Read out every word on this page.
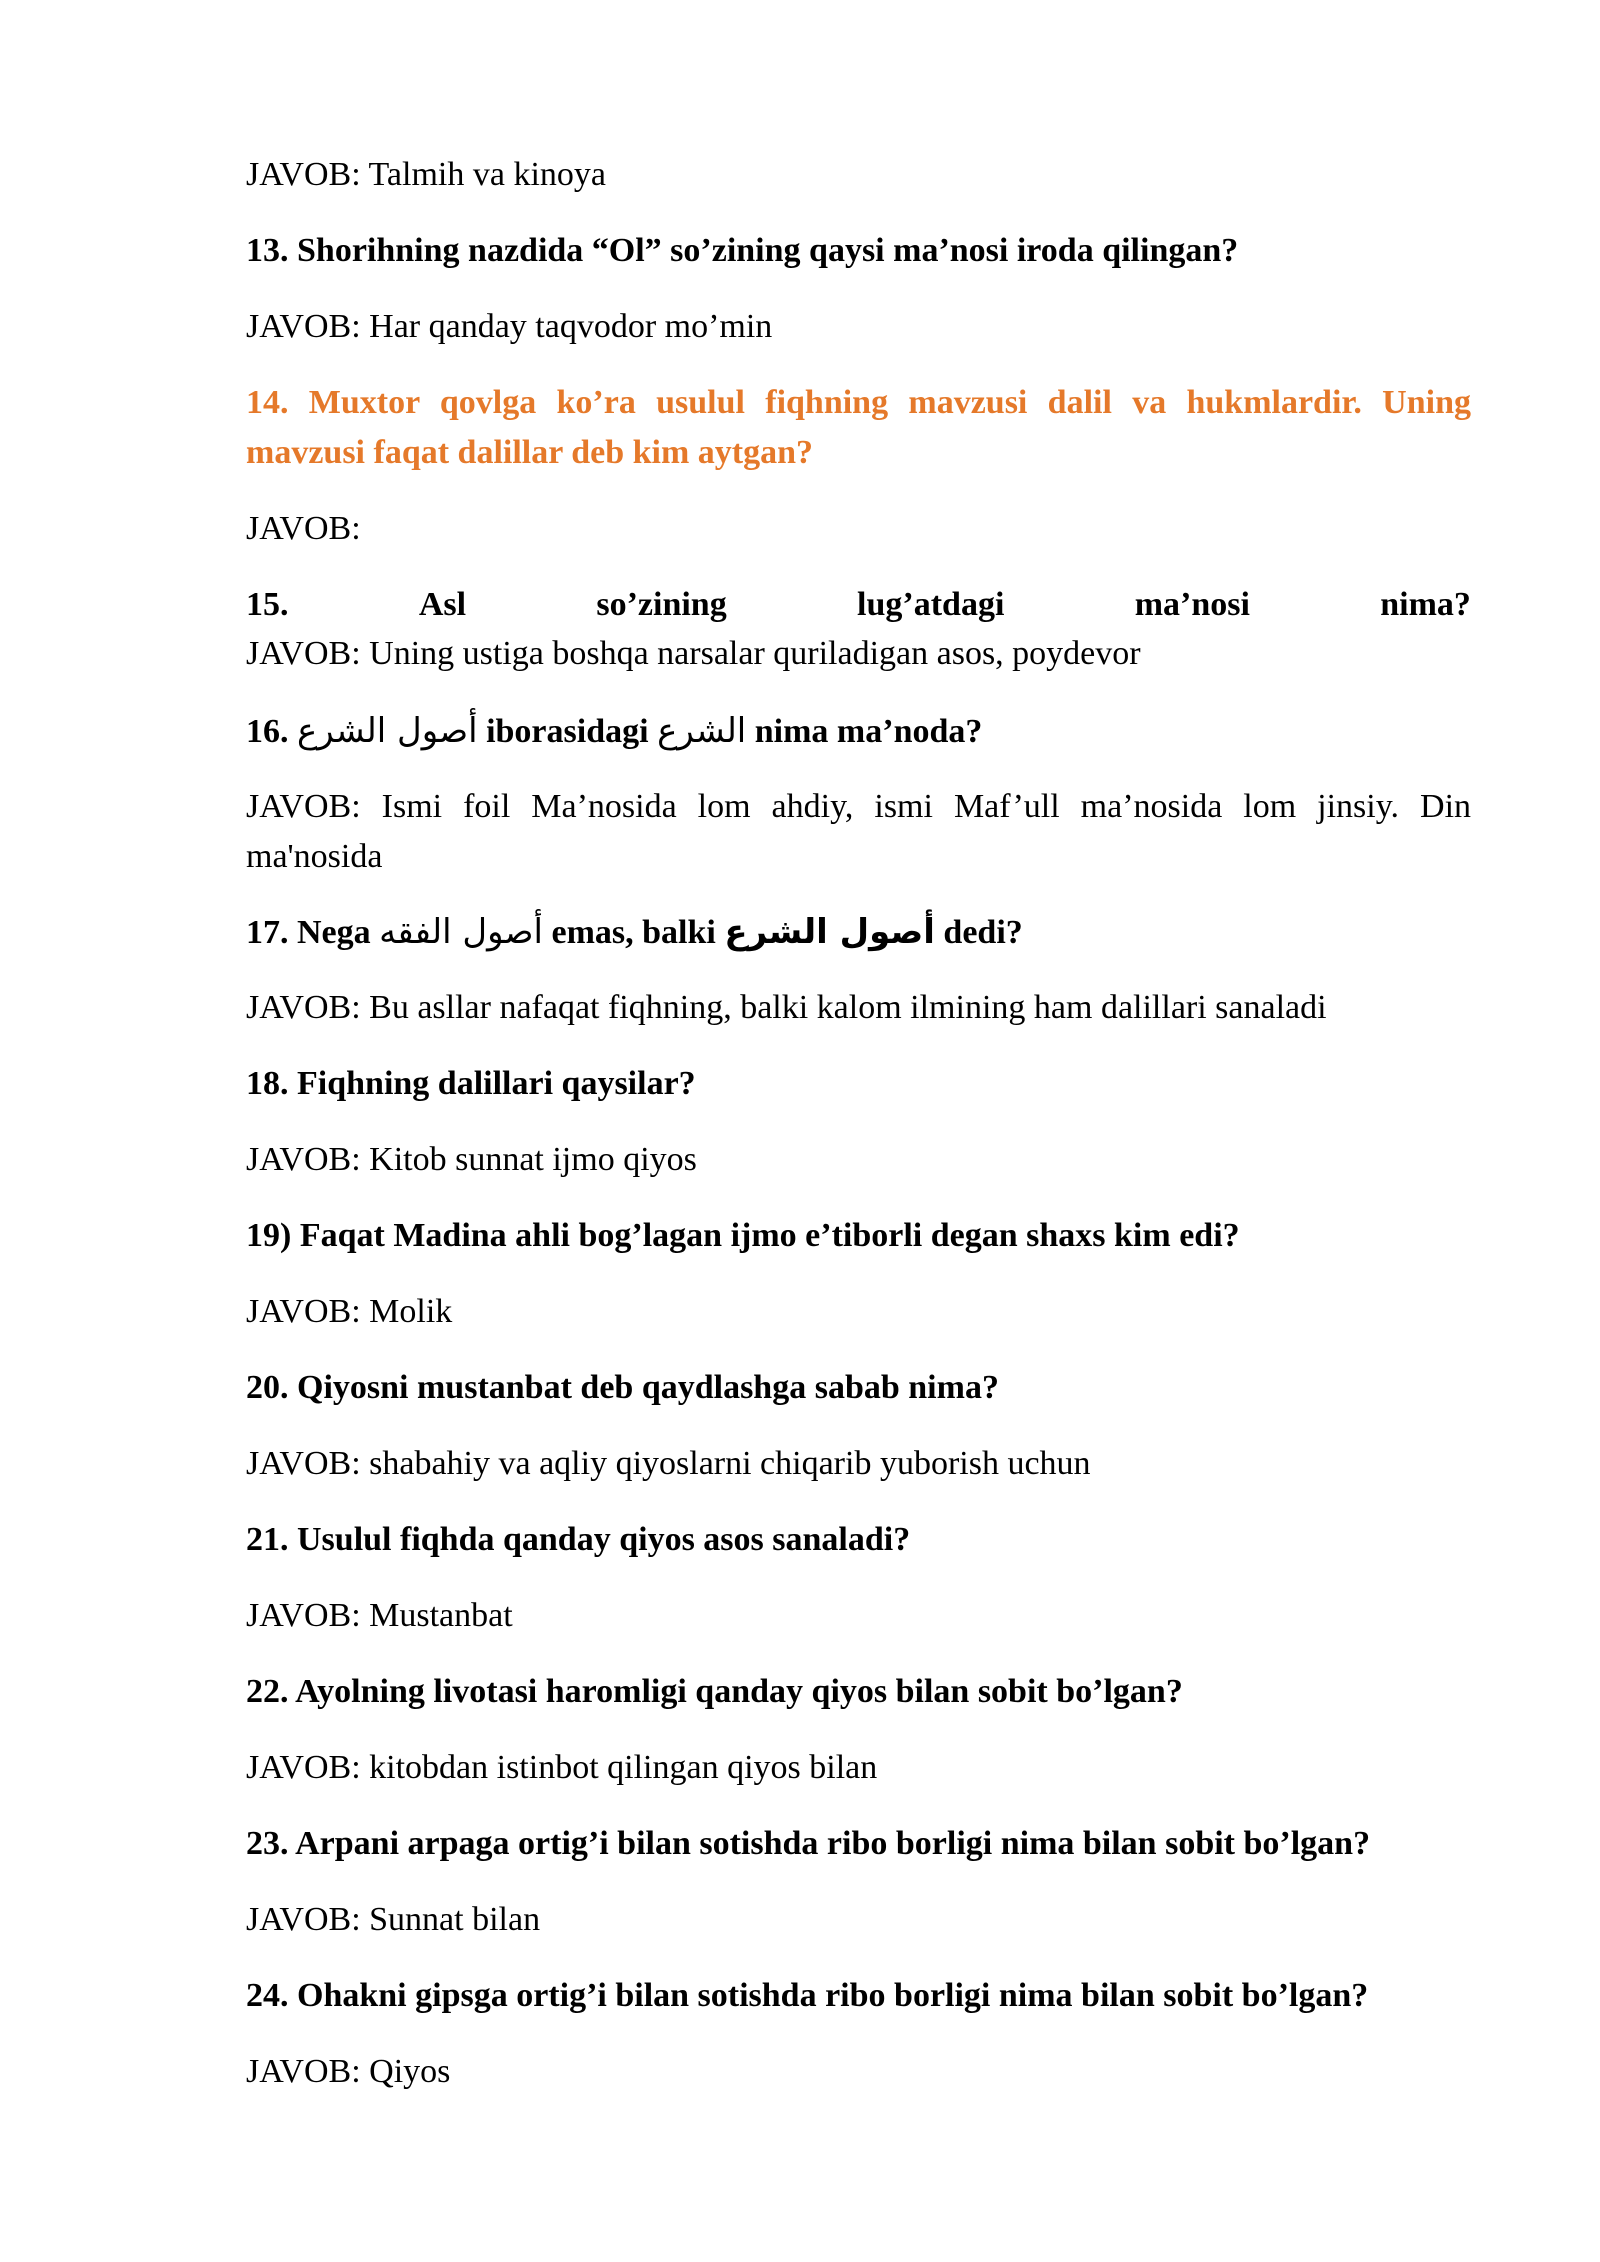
JAVOB: Talmih va kinoya

13. Shorihning nazdida “Ol” so’zining qaysi ma’nosi iroda qilingan?

JAVOB: Har qanday taqvodor mo’min

14. Muxtor qovlga ko’ra usulul fiqhning mavzusi dalil va hukmlardir. Uning mavzusi faqat dalillar deb kim aytgan?

JAVOB:

15.	Asl	so’zining	lug’atdagi	ma’nosi	nima?

JAVOB: Uning ustiga boshqa narsalar quriladigan asos, poydevor

16. أصول الشرع iborasidagi الشرع nima ma’noda?

JAVOB: Ismi foil Ma’nosida lom ahdiy, ismi Maf’ull ma’nosida lom jinsiy. Din ma'nosida

17. Nega أصول الفقه emas, balki أصول الشرع dedi?

JAVOB: Bu asllar nafaqat fiqhning, balki kalom ilmining ham dalillari sanaladi

18. Fiqhning dalillari qaysilar?

JAVOB: Kitob sunnat ijmo qiyos

19) Faqat Madina ahli bog’lagan ijmo e’tiborli degan shaxs kim edi?

JAVOB: Molik

20. Qiyosni mustanbat deb qaydlashga sabab nima?

JAVOB: shabahiy va aqliy qiyoslarni chiqarib yuborish uchun

21. Usulul fiqhda qanday qiyos asos sanaladi?

JAVOB: Mustanbat

22. Ayolning livotasi haromligi qanday qiyos bilan sobit bo’lgan?

JAVOB: kitobdan istinbot qilingan qiyos bilan

23. Arpani arpaga ortig’i bilan sotishda ribo borligi nima bilan sobit bo’lgan?

JAVOB: Sunnat bilan

24. Ohakni gipsga ortig’i bilan sotishda ribo borligi nima bilan sobit bo’lgan?

JAVOB: Qiyos
